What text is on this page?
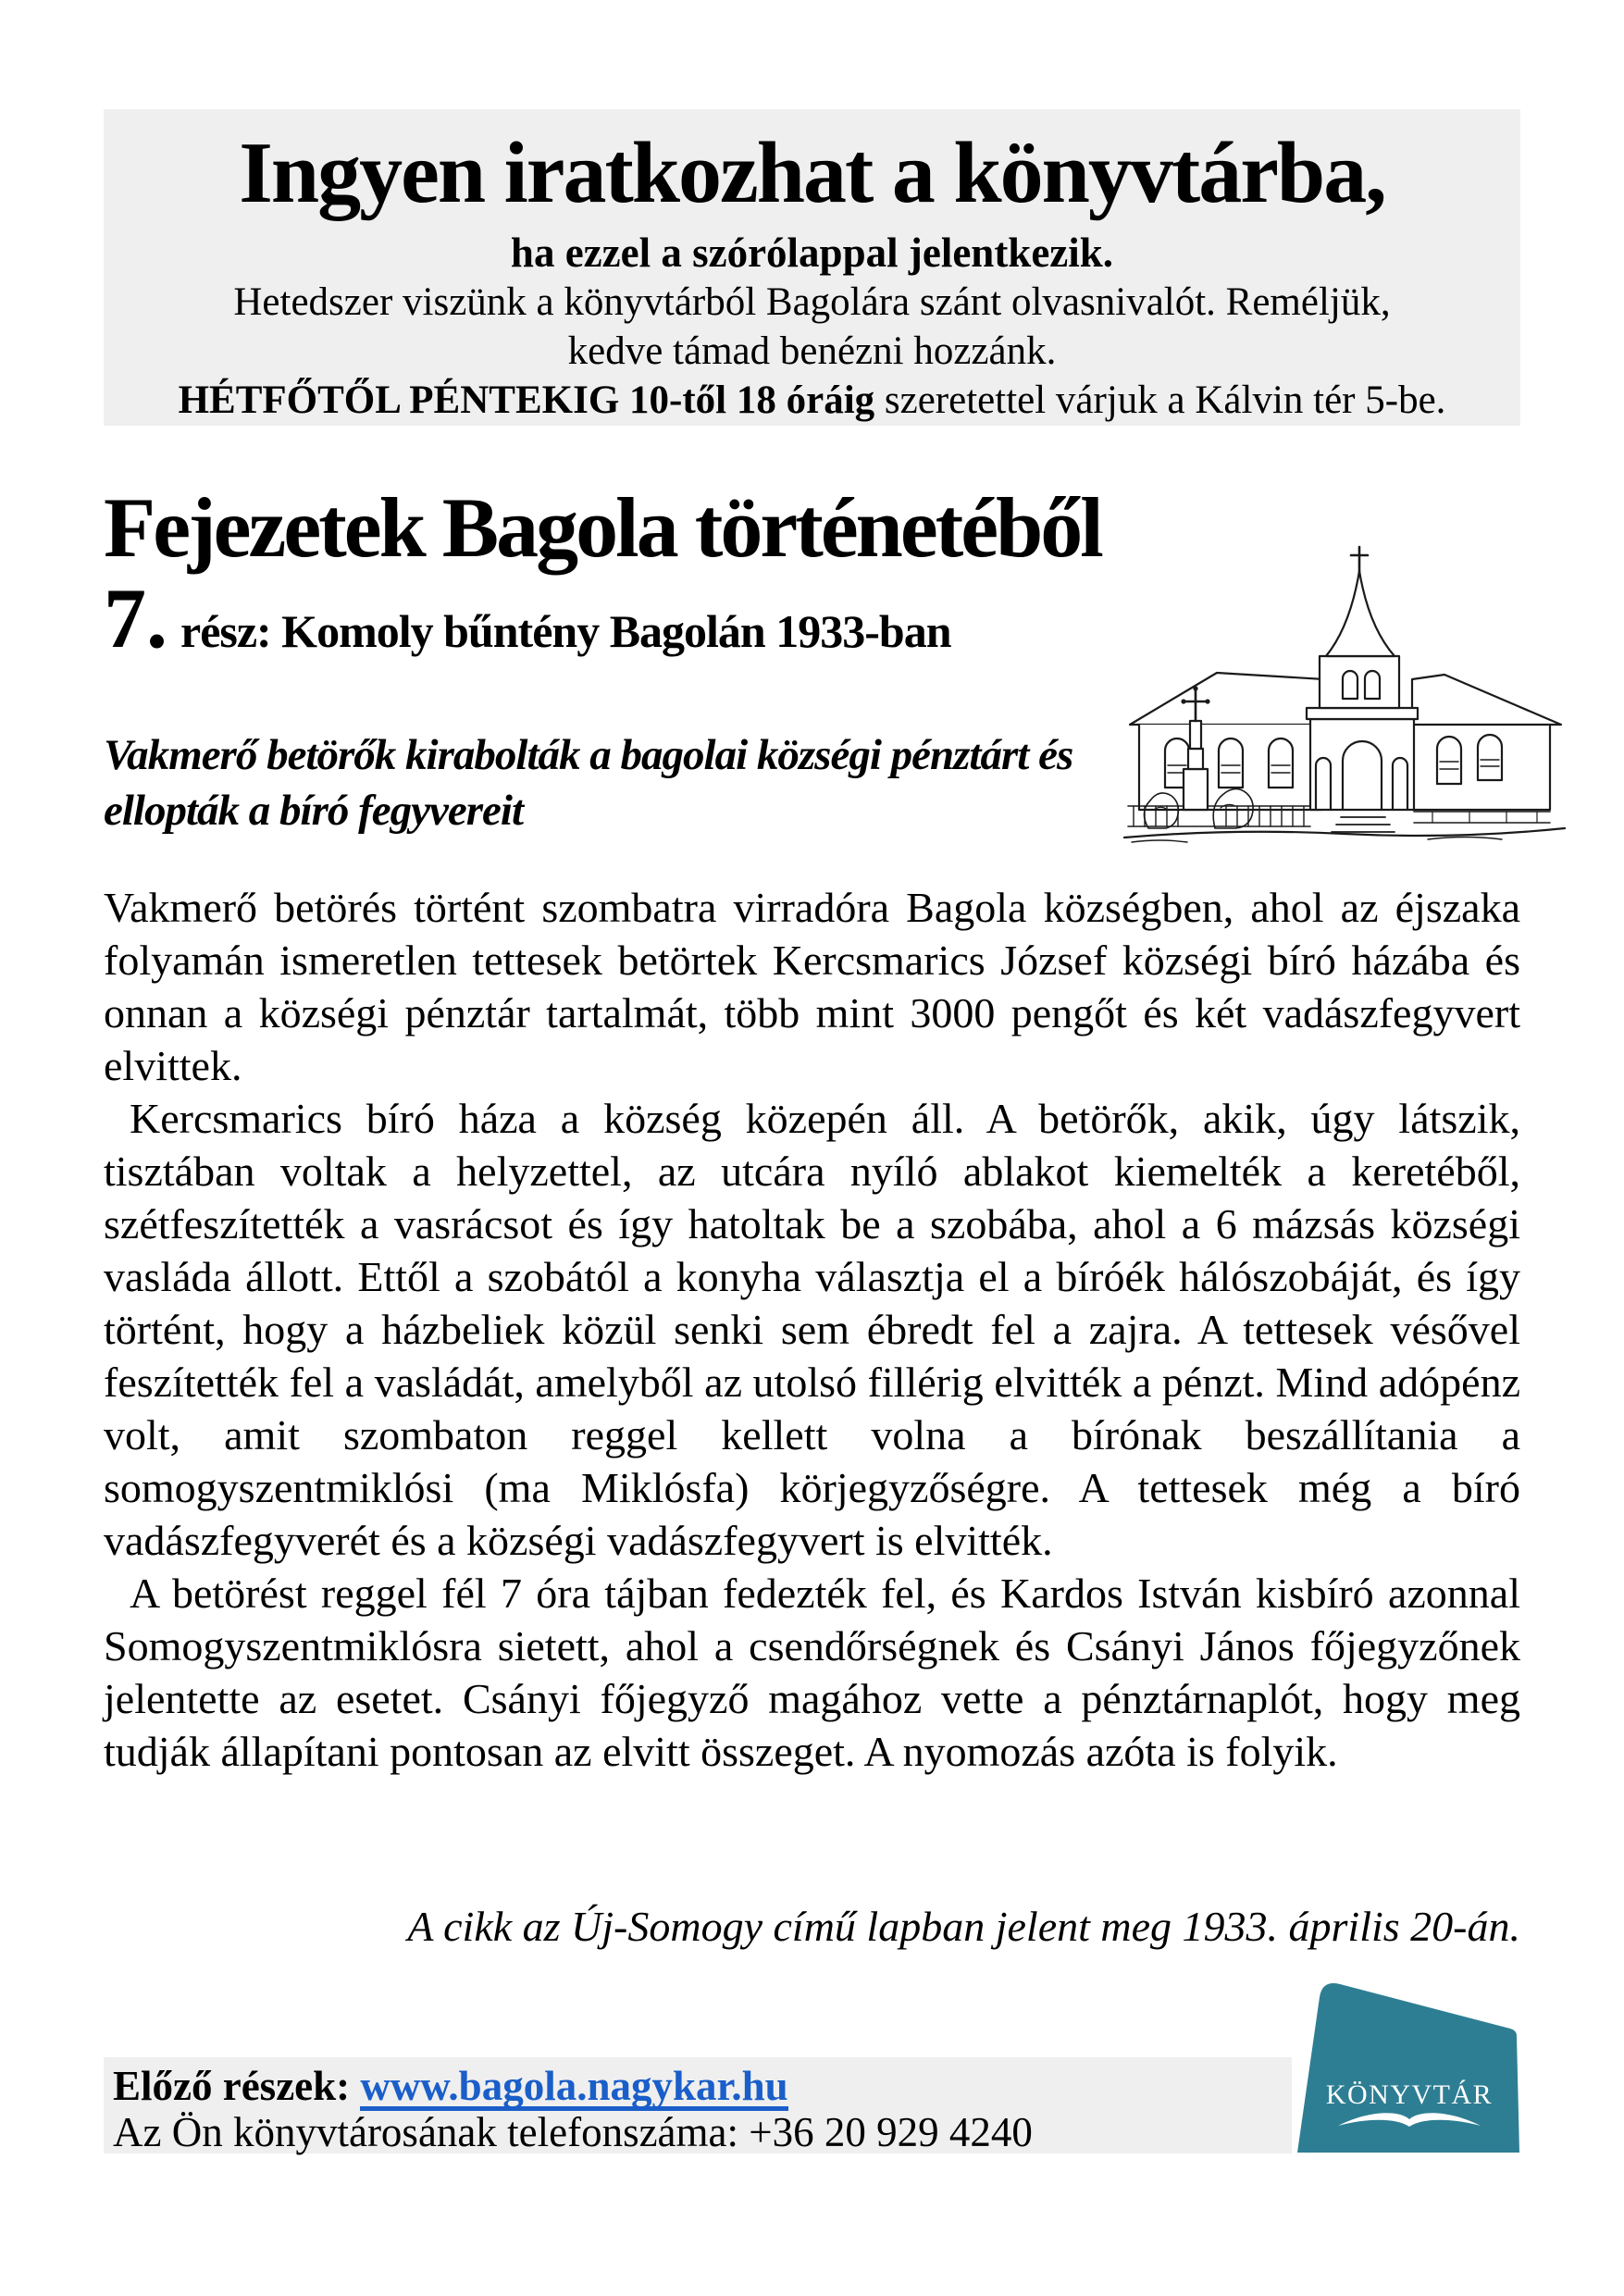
Ingyen iratkozhat a könyvtárba,
ha ezzel a szórólappal jelentkezik.
Hetedszer viszünk a könyvtárból Bagolára szánt olvasnivalót. Reméljük,
kedve támad benézni hozzánk.
HÉTFŐTŐL PÉNTEKIG 10-től 18 óráig szeretettel várjuk a Kálvin tér 5-be.
Fejezetek Bagola történetéből
7. rész: Komoly bűntény Bagolán 1933-ban
Vakmerő betörők kirabolták a bagolai községi pénztárt és ellopták a bíró fegyvereit

Vakmerő betörés történt szombatra virradóra Bagola községben, ahol az éjszaka folyamán ismeretlen tettesek betörtek Kercsmarics József községi bíró házába és onnan a községi pénztár tartalmát, több mint 3000 pengőt és két vadászfegyvert elvittek.

Kercsmarics bíró háza a község közepén áll. A betörők, akik, úgy látszik, tisztában voltak a helyzettel, az utcára nyíló ablakot kiemelték a keretéből, szétfeszítették a vasrácsot és így hatoltak be a szobába, ahol a 6 mázsás községi vasláda állott. Ettől a szobától a konyha választja el a bíróék hálószobáját, és így történt, hogy a házbeliek közül senki sem ébredt fel a zajra. A tettesek vésővel feszítették fel a vasládát, amelyből az utolsó fillérig elvitték a pénzt. Mind adópénz volt, amit szombaton reggel kellett volna a bírónak beszállítania a somogyszentmiklósi (ma Miklósfa) körjegyzőségre. A tettesek még a bíró vadászfegyverét és a községi vadászfegyvert is elvitték.

A betörést reggel fél 7 óra tájban fedezték fel, és Kardos István kisbíró azonnal Somogyszentmiklósra sietett, ahol a csendőrségnek és Csányi János főjegyzőnek jelentette az esetet. Csányi főjegyző magához vette a pénztárnaplót, hogy meg tudják állapítani pontosan az elvitt összeget. A nyomozás azóta is folyik.

A cikk az Új-Somogy című lapban jelent meg 1933. április 20-án.
Előző részek: www.bagola.nagykar.hu
Az Ön könyvtárosának telefonszáma: +36 20 929 4240
KÖNYVTÁR
